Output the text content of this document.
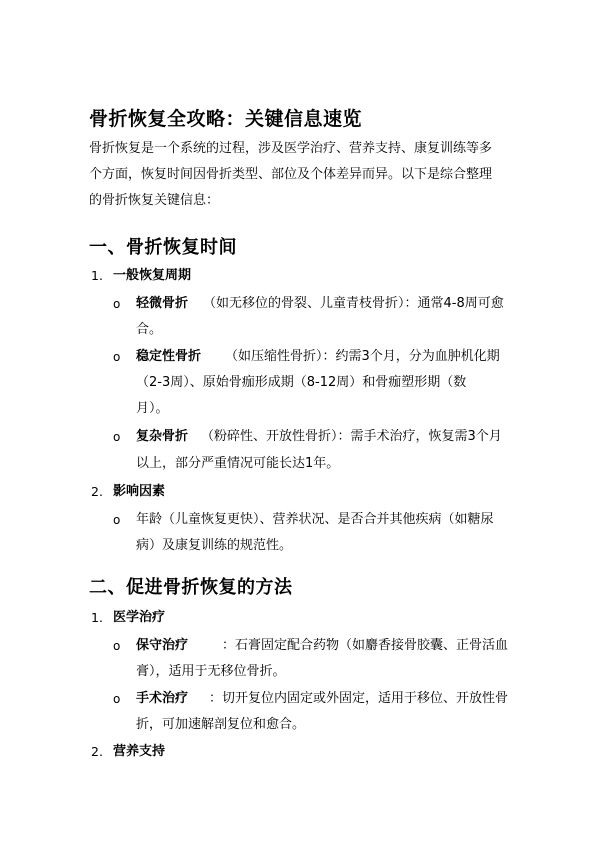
骨折恢复全攻略：关键信息速览
骨折恢复是一个系统的过程，涉及医学治疗、营养支持、康复训练等多
个方面，恢复时间因骨折类型、部位及个体差异而异。以下是综合整理
的骨折恢复关键信息：
一、骨折恢复时间
1. 一般恢复周期
o 轻微骨折 （如无移位的骨裂、儿童青枝骨折）：通常4-8周可愈
合。
o 稳定性骨折 （如压缩性骨折）：约需3个月，分为血肿机化期
（2-3周）、原始骨痂形成期（8-12周）和骨痂塑形期（数
月）。
o 复杂骨折 （粉碎性、开放性骨折）：需手术治疗，恢复需3个月
以上，部分严重情况可能长达1年。
2. 影响因素
o 年龄（儿童恢复更快）、营养状况、是否合并其他疾病（如糖尿
病）及康复训练的规范性。
二、促进骨折恢复的方法
1. 医学治疗
o 保守治疗	：石膏固定配合药物（如麝香接骨胶囊、正骨活血
膏），适用于无移位骨折。
o 手术治疗 ：切开复位内固定或外固定，适用于移位、开放性骨
折，可加速解剖复位和愈合。
2. 营养支持
